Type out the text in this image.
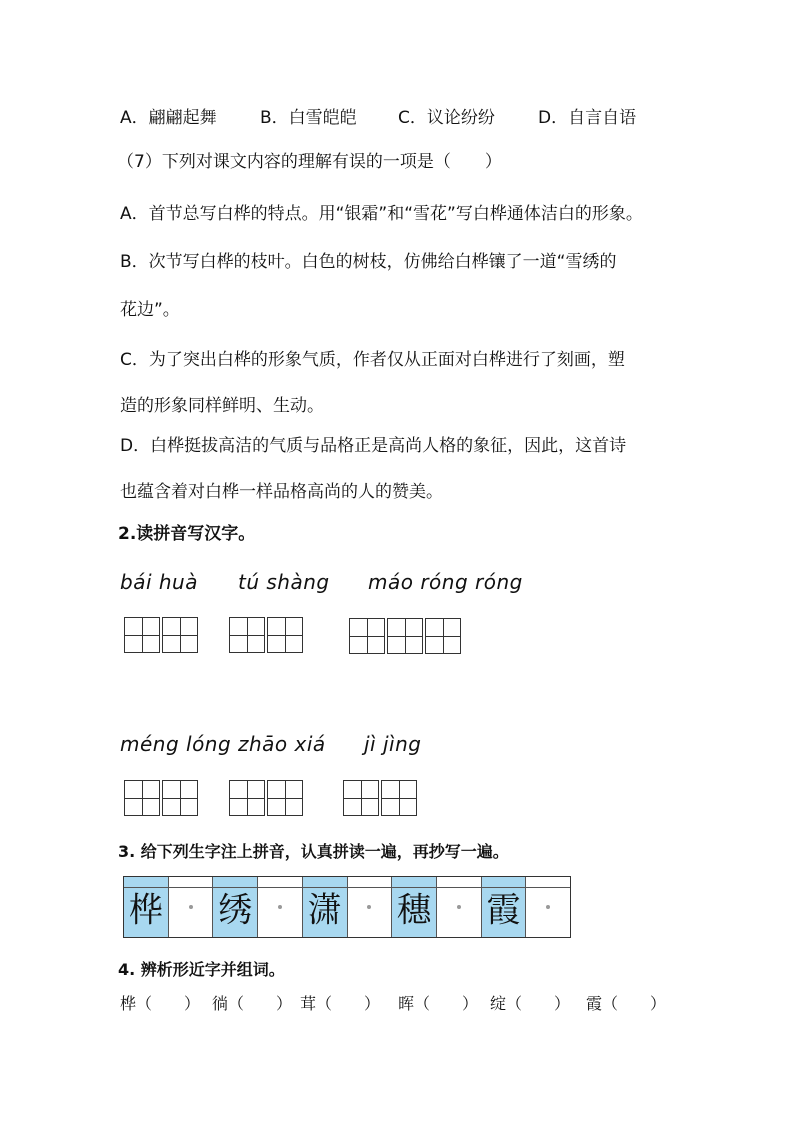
A．翩翩起舞	B．白雪皑皑 C．议论纷纷	D．自言自语
（7）下列对课文内容的理解有误的一项是（　　）
A．首节总写白桦的特点。用“银霜”和“雪花”写白桦通体洁白的形象。
B．次节写白桦的枝叶。白色的树枝，仿佛给白桦镶了一道“雪绣的
花边”。
C．为了突出白桦的形象气质，作者仅从正面对白桦进行了刻画，塑
造的形象同样鲜明、生动。
D．白桦挺拔高洁的气质与品格正是高尚人格的象征，因此，这首诗
也蕴含着对白桦一样品格高尚的人的赞美。
2.读拼音写汉字。
bái huà tú shàng máo róng róng
méng lóng zhāo xiá jì jìng
3. 给下列生字注上拼音，认真拼读一遍，再抄写一遍。
桦 绣 潇 穗 霞
4. 辨析形近字并组词。
桦（　　） 徜（　　） 茸（　　） 晖（　　） 绽（　　） 霞（　　）
